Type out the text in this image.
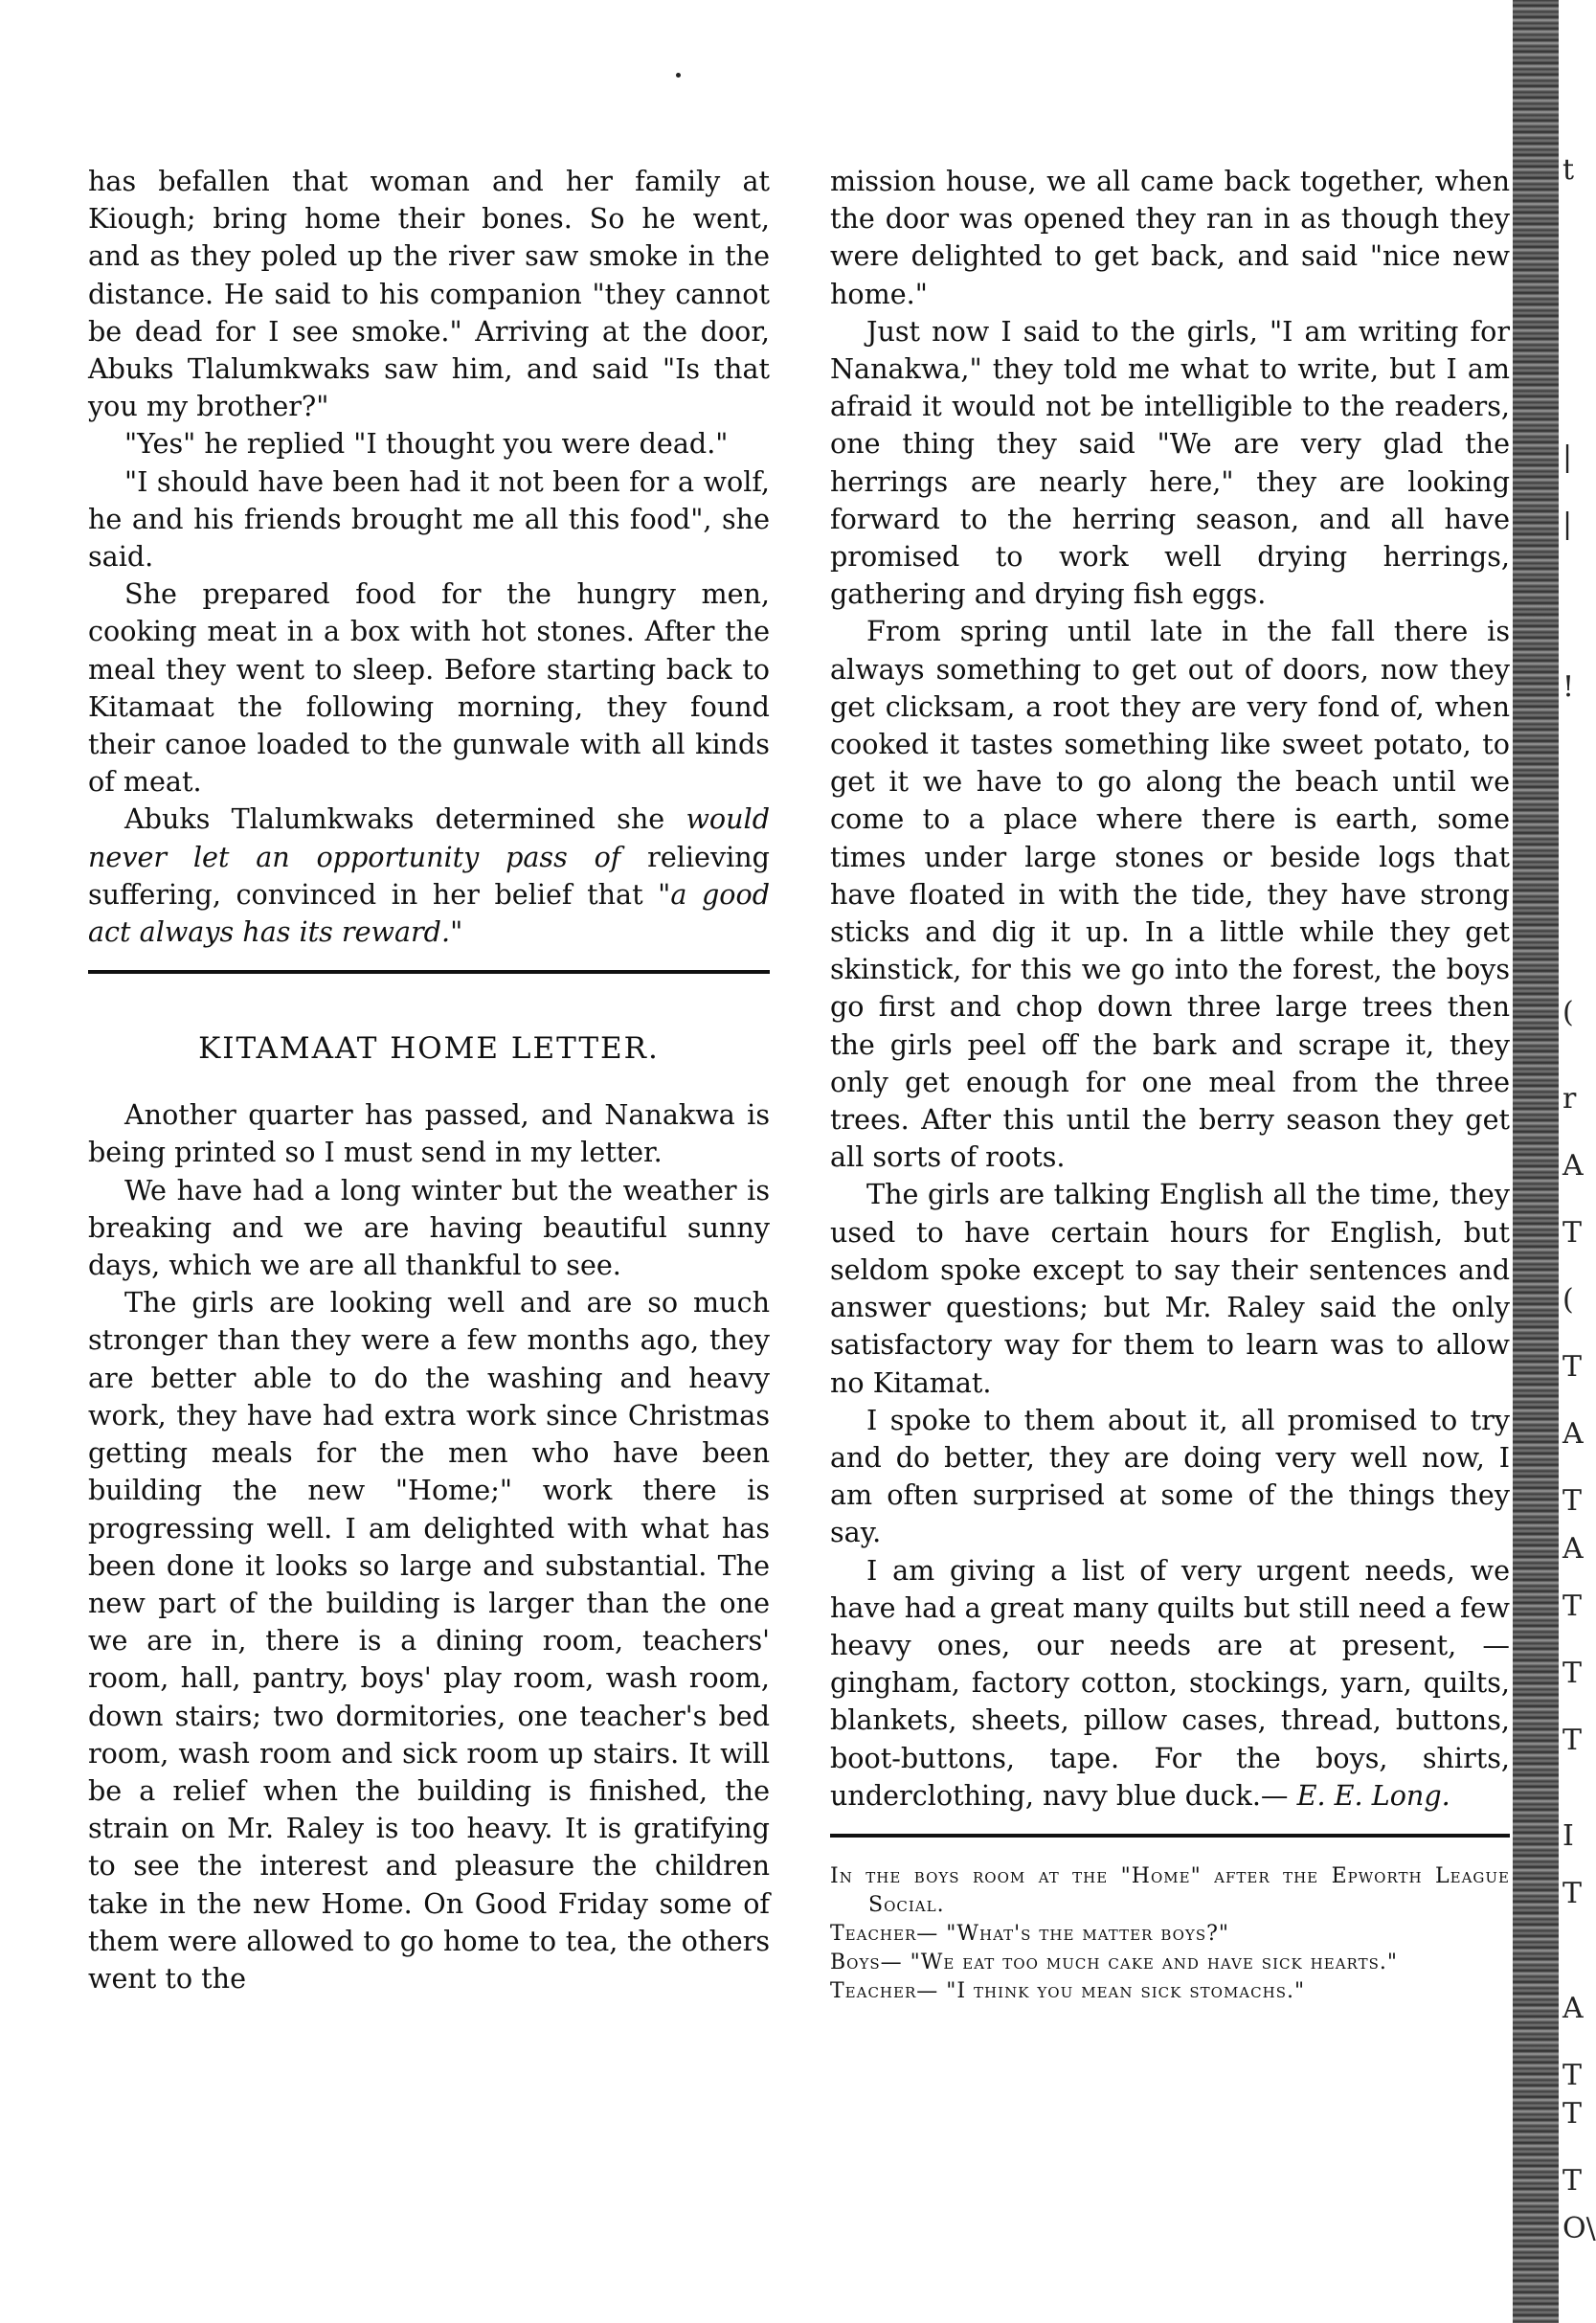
has befallen that woman and her family at Kiough; bring home their bones. So he went, and as they poled up the river saw smoke in the distance. He said to his companion "they cannot be dead for I see smoke." Arriving at the door, Abuks Tlalumkwaks saw him, and said "Is that you my brother?"

"Yes" he replied "I thought you were dead."

"I should have been had it not been for a wolf, he and his friends brought me all this food", she said.

She prepared food for the hungry men, cooking meat in a box with hot stones. After the meal they went to sleep. Before starting back to Kitamaat the following morning, they found their canoe loaded to the gunwale with all kinds of meat.

Abuks Tlalumkwaks determined she would never let an opportunity pass of relieving suffering, convinced in her belief that "a good act always has its reward."

KITAMAAT HOME LETTER.

Another quarter has passed, and Nanakwa is being printed so I must send in my letter.

We have had a long winter but the weather is breaking and we are having beautiful sunny days, which we are all thankful to see.

The girls are looking well and are so much stronger than they were a few months ago, they are better able to do the washing and heavy work, they have had extra work since Christmas getting meals for the men who have been building the new "Home;" work there is progressing well. I am delighted with what has been done it looks so large and substantial. The new part of the building is larger than the one we are in, there is a dining room, teachers' room, hall, pantry, boys' play room, wash room, down stairs; two dormitories, one teacher's bed room, wash room and sick room up stairs. It will be a relief when the building is finished, the strain on Mr. Raley is too heavy. It is gratifying to see the interest and pleasure the children take in the new Home. On Good Friday some of them were allowed to go home to tea, the others went to the

mission house, we all came back together, when the door was opened they ran in as though they were delighted to get back, and said "nice new home."

Just now I said to the girls, "I am writing for Nanakwa," they told me what to write, but I am afraid it would not be intelligible to the readers, one thing they said "We are very glad the herrings are nearly here," they are looking forward to the herring season, and all have promised to work well drying herrings, gathering and drying fish eggs.

From spring until late in the fall there is always something to get out of doors, now they get clicksam, a root they are very fond of, when cooked it tastes something like sweet potato, to get it we have to go along the beach until we come to a place where there is earth, some times under large stones or beside logs that have floated in with the tide, they have strong sticks and dig it up. In a little while they get skinstick, for this we go into the forest, the boys go first and chop down three large trees then the girls peel off the bark and scrape it, they only get enough for one meal from the three trees. After this until the berry season they get all sorts of roots.

The girls are talking English all the time, they used to have certain hours for English, but seldom spoke except to say their sentences and answer questions; but Mr. Raley said the only satisfactory way for them to learn was to allow no Kitamat.

I spoke to them about it, all promised to try and do better, they are doing very well now, I am often surprised at some of the things they say.

I am giving a list of very urgent needs, we have had a great many quilts but still need a few heavy ones, our needs are at present, —gingham, factory cotton, stockings, yarn, quilts, blankets, sheets, pillow cases, thread, buttons, boot-buttons, tape. For the boys, shirts, underclothing, navy blue duck.— E. E. Long.

In the boys room at the "Home" after the Epworth League Social.

Teacher— "What's the matter boys?"

Boys— "We eat too much cake and have sick hearts."

Teacher— "I think you mean sick stomachs."

t
|
|
!
(
r
A
T
(
T
A
T
A
T
T
T
I
T
A
T
T
T
O\
